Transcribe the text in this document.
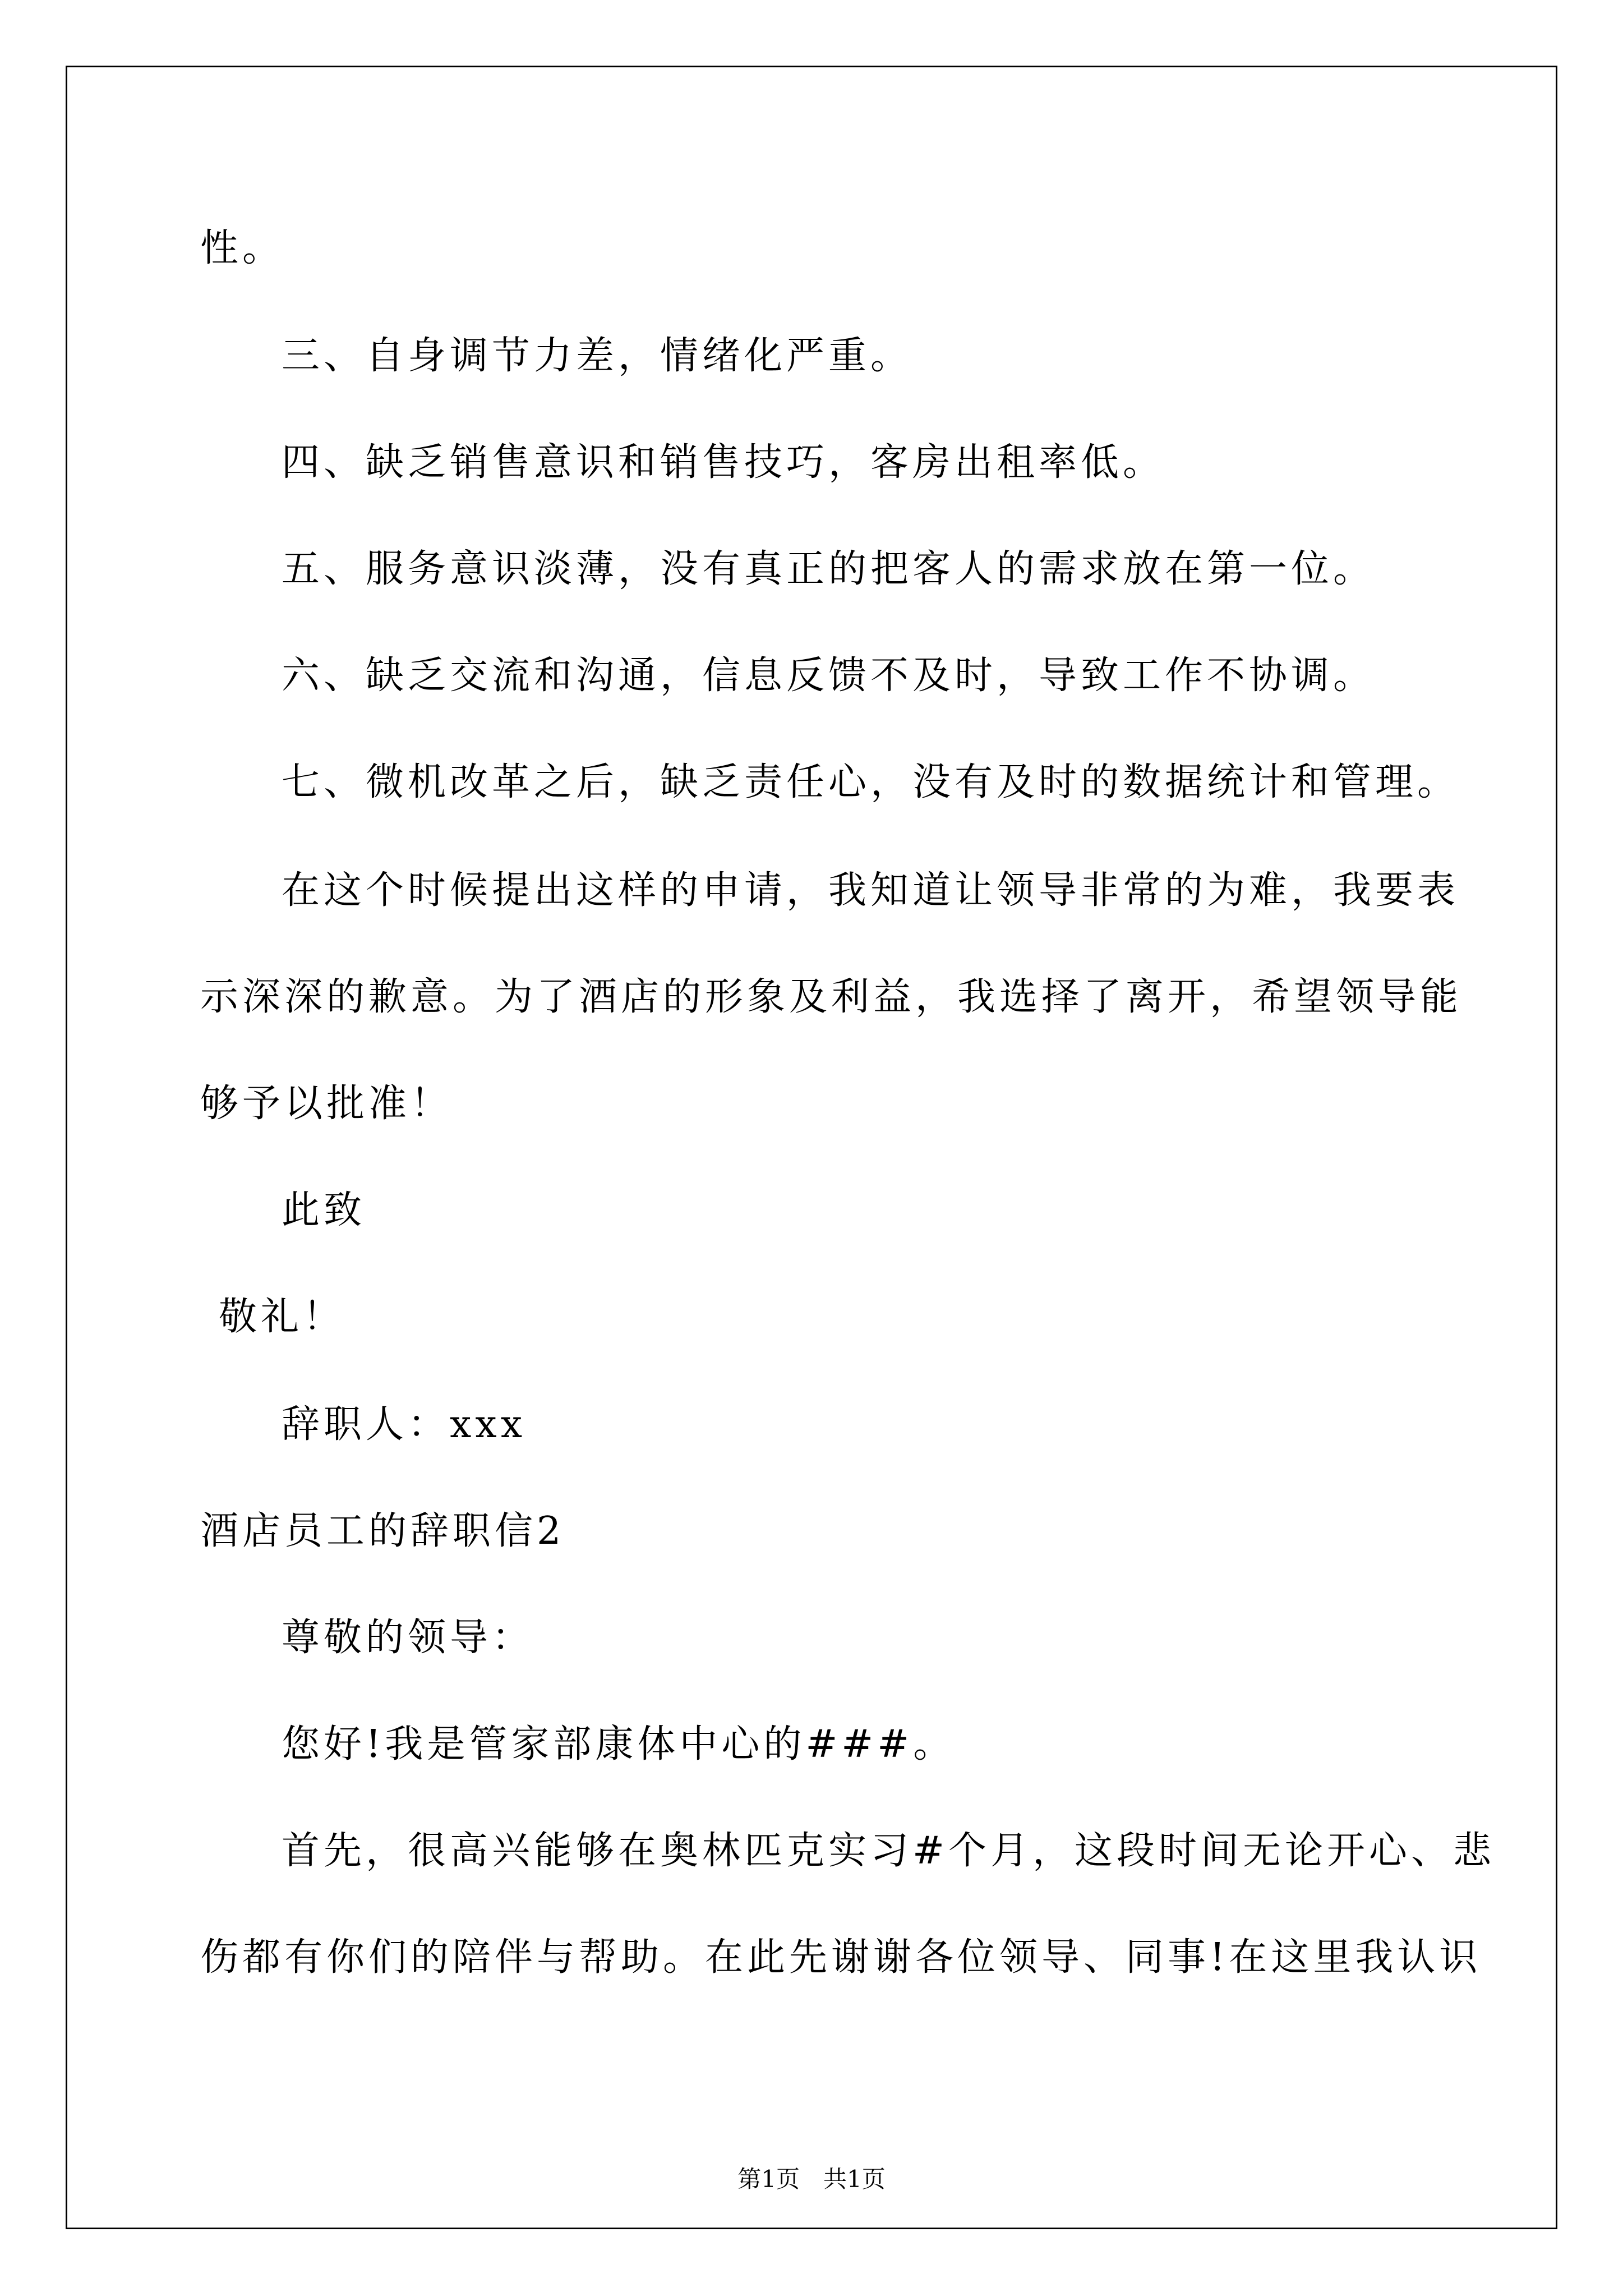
性。
三、自身调节力差，情绪化严重。
四、缺乏销售意识和销售技巧，客房出租率低。
五、服务意识淡薄，没有真正的把客人的需求放在第一位。
六、缺乏交流和沟通，信息反馈不及时，导致工作不协调。
七、微机改革之后，缺乏责任心，没有及时的数据统计和管理。
在这个时候提出这样的申请，我知道让领导非常的为难，我要表
示深深的歉意。为了酒店的形象及利益，我选择了离开，希望领导能
够予以批准！
此致
敬礼！
辞职人：xxx
酒店员工的辞职信2
尊敬的领导：
您好!我是管家部康体中心的###。
首先，很高兴能够在奥林匹克实习#个月，这段时间无论开心、悲
伤都有你们的陪伴与帮助。在此先谢谢各位领导、同事!在这里我认识
第1页　共1页
